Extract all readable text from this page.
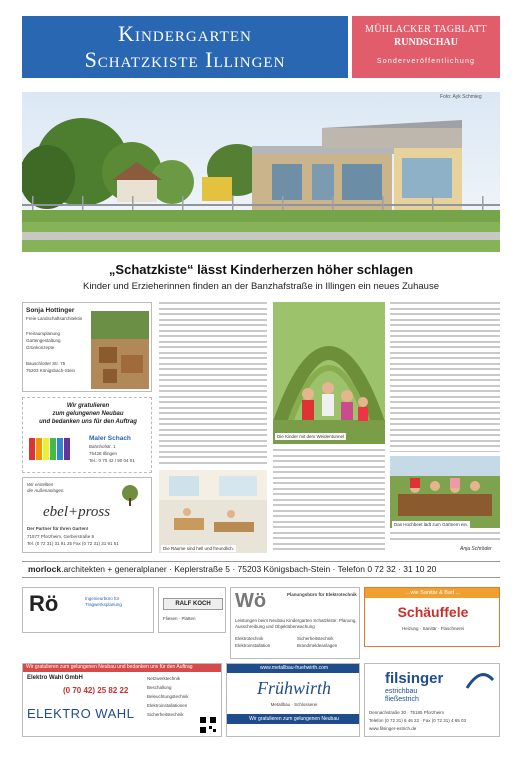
Kindergarten
Schatzkiste Illingen
MÜHLACKER TAGBLATT
RUNDSCHAU
Sonderveröffentlichung
Foto: Ayk Schmieg
„Schatzkiste“ lässt Kinderherzen höher schlagen
Kinder und Erzieherinnen finden an der Banzhafstraße in Illingen ein neues Zuhause
Sonja Hottinger
Freie Landschaftsarchitektin
Freiraumplanung
Gartengestaltung
Grünkonzepte
Bauschlotter Str. 75
75203 Königsbach-Stein
Wir gratulieren
zum gelungenen Neubau
und bedanken uns für den Auftrag
Maler Schach
Bahnhofstr. 1
75428 Illingen
Tel.: 0 70 42 / 90 04 01
Wir erstellten
die Außenanlagen.
ebel+pross
Der Partner für Ihren Garten!
71577 Pforzheim, Gerberstraße 9
Tel. (0 72 31) 31 91 25 Fax (0 72 31) 31 91 51
Die Räume sind hell und freundlich.
Die Kinder mit dem Weidentunnel
Das Hochbeet lädt zum Gärtnern ein.
Anja Schröder
morlock.architekten + generalplaner · Keplerstraße 5 · 75203 Königsbach-Stein · Telefon 0 72 32 · 31 10 20
Rö	Ingenieurbüro für Tragwerksplanung	RALF KOCH
Fliesen · Platten
Wö	Planungsbüro für Elektrotechnik
Leistungen beim Neubau Kindergarten Schatzkiste: Planung, Ausschreibung und Objektüberwachung
Elektrotechnik
Elektroinstallation
Sicherheitstechnik
Brandmeldeanlagen
...wie Sanitär & Bad ...
Schäuffele
Heizung · Sanitär · Flaschnerei
Wir gratulieren zum gelungenen Neubau und bedanken uns für den Auftrag
Elektro Wahl GmbH
(0 70 42) 25 82 22
ELEKTRO WAHL
Netzwerktechnik
Beschallung
Beleuchtungstechnik
Elektroinstallationen
Sicherheitstechnik
www.metallbau-fruehwirth.com
Frühwirth
Metallbau · Schlosserei
Wir gratulieren zum gelungenen Neubau
filsinger
estrichbau
fließestrich
Dennachstraße 30 · 75185 Pforzheim
Telefon (0 72 31) 6 46 22 · Fax (0 72 31) 4 65 03
www.filsinger-estrich.de
